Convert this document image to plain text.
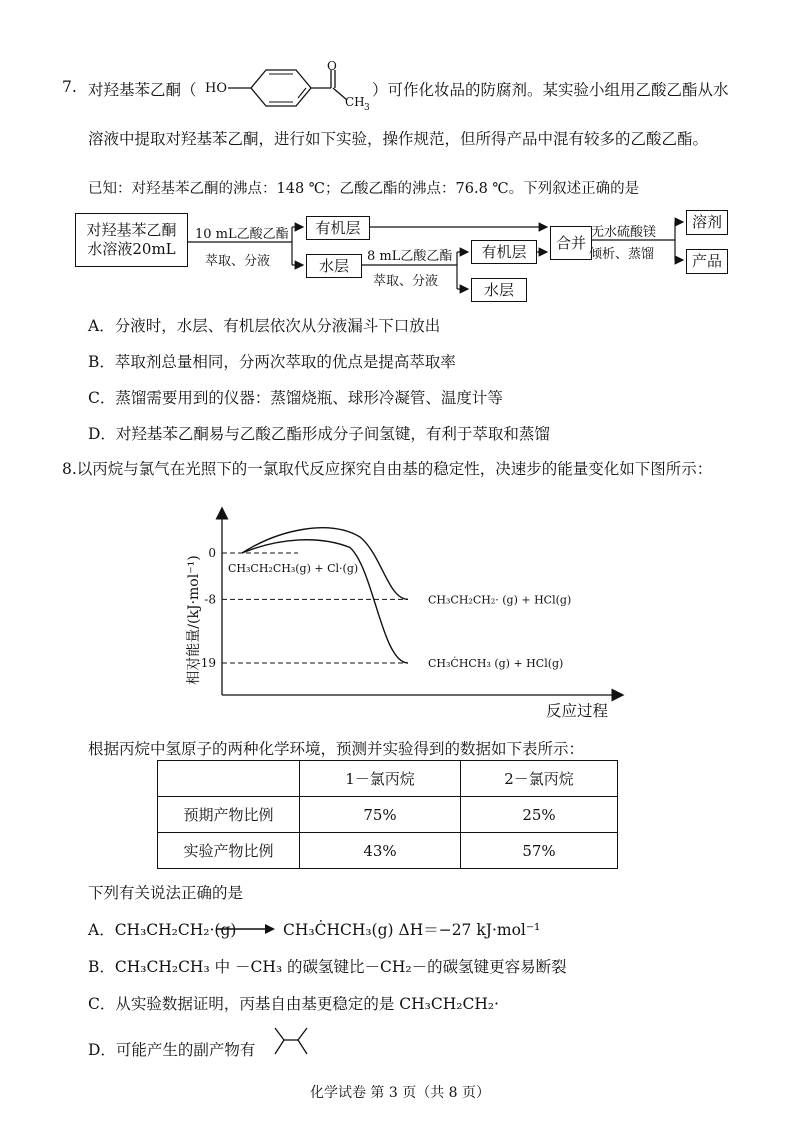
7. 对羟基苯乙酮（ HO
O
CH 3
）可作化妆品的防腐剂。某实验小组用乙酸乙酯从水
溶液中提取对羟基苯乙酮，进行如下实验，操作规范，但所得产品中混有较多的乙酸乙酯。
已知：对羟基苯乙酮的沸点：148 ℃；乙酸乙酯的沸点：76.8 ℃。下列叙述正确的是
对羟基苯乙酮
水溶液20mL
10 mL乙酸乙酯
萃取、分液
有机层
水层	8 mL乙酸乙酯
萃取、分液
有机层
水层
合并
无水硫酸镁
倾析、蒸馏
溶剂
产品
A．分液时，水层、有机层依次从分液漏斗下口放出
B．萃取剂总量相同，分两次萃取的优点是提高萃取率
C．蒸馏需要用到的仪器：蒸馏烧瓶、球形冷凝管、温度计等
D．对羟基苯乙酮易与乙酸乙酯形成分子间氢键，有利于萃取和蒸馏
8.以丙烷与氯气在光照下的一氯取代反应探究自由基的稳定性，决速步的能量变化如下图所示：
相对能量/(kJ·mol⁻¹)
0
-8
-19
CH₃CH₂CH₃(g) + Cl·(g)
CH₃CH₂CH₂· (g) + HCl(g)
CH₃ĊHCH₃ (g) + HCl(g)
反应过程
根据丙烷中氢原子的两种化学环境，预测并实验得到的数据如下表所示：
	1－氯丙烷	2－氯丙烷
预期产物比例	75%	25%
实验产物比例	43%	57%
下列有关说法正确的是
A．CH₃CH₂CH₂·(g) → CH₃ĊHCH₃(g) ΔH＝−27 kJ·mol⁻¹
B．CH₃CH₂CH₃ 中 －CH₃ 的碳氢键比－CH₂－的碳氢键更容易断裂
C．从实验数据证明，丙基自由基更稳定的是 CH₃CH₂CH₂·
D．可能产生的副产物有
化学试卷 第 3 页（共 8 页）
